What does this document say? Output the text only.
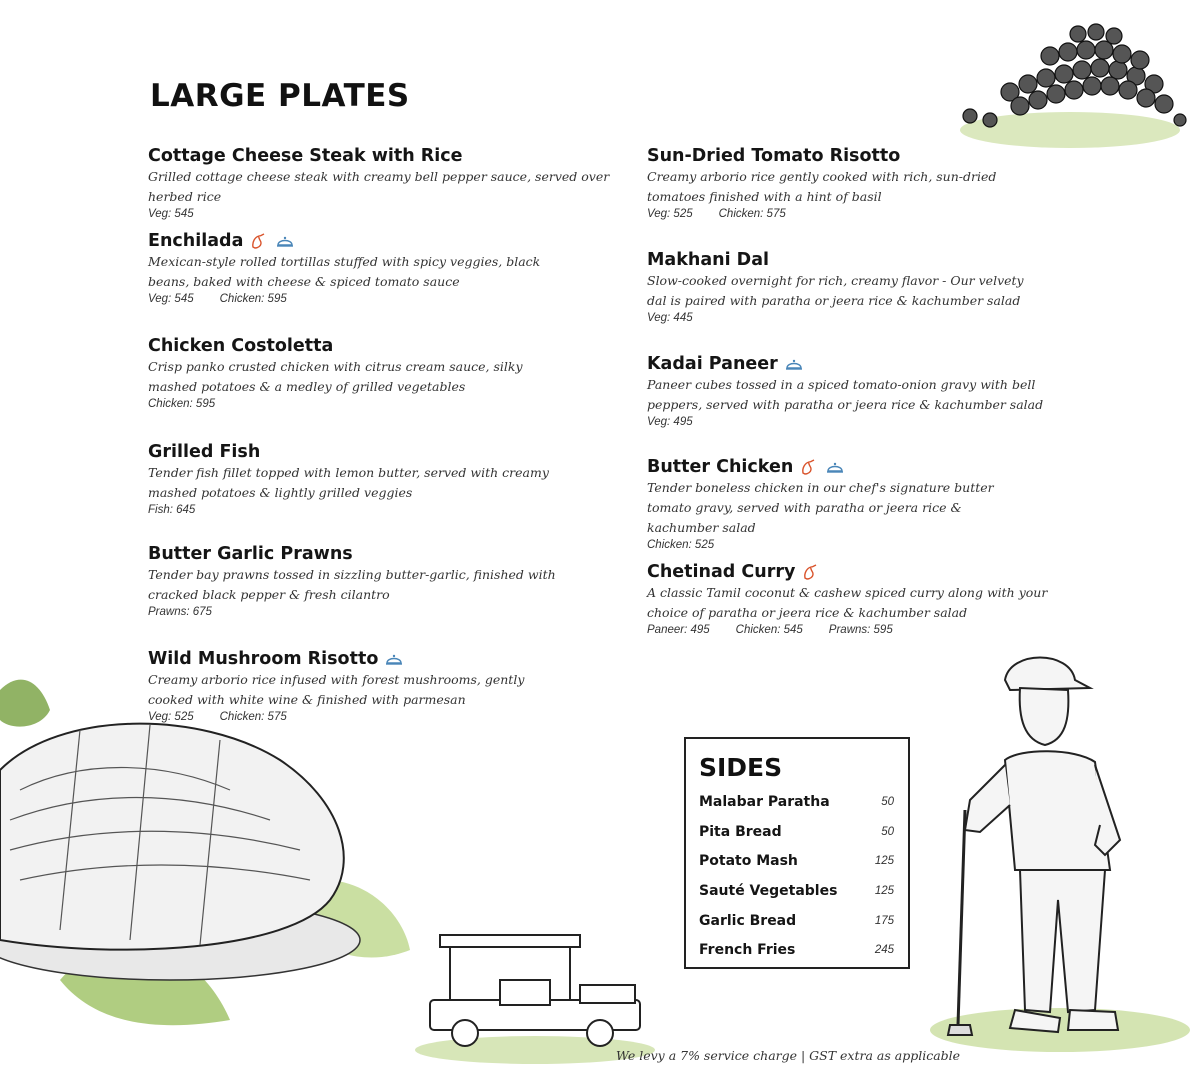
LARGE PLATES
Cottage Cheese Steak with Rice
Grilled cottage cheese steak with creamy bell pepper sauce, served over herbed rice
Veg: 545
Enchilada
Mexican-style rolled tortillas stuffed with spicy veggies, black beans, baked with cheese & spiced tomato sauce
Veg: 545 Chicken: 595
Chicken Costoletta
Crisp panko crusted chicken with citrus cream sauce, silky mashed potatoes & a medley of grilled vegetables
Chicken: 595
Grilled Fish
Tender fish fillet topped with lemon butter, served with creamy mashed potatoes & lightly grilled veggies
Fish: 645
Butter Garlic Prawns
Tender bay prawns tossed in sizzling butter-garlic, finished with cracked black pepper & fresh cilantro
Prawns: 675
Wild Mushroom Risotto
Creamy arborio rice infused with forest mushrooms, gently cooked with white wine & finished with parmesan
Veg: 525 Chicken: 575
Sun-Dried Tomato Risotto
Creamy arborio rice gently cooked with rich, sun-dried tomatoes finished with a hint of basil
Veg: 525 Chicken: 575
Makhani Dal
Slow-cooked overnight for rich, creamy flavor - Our velvety dal is paired with paratha or jeera rice & kachumber salad
Veg: 445
Kadai Paneer
Paneer cubes tossed in a spiced tomato-onion gravy with bell peppers, served with paratha or jeera rice & kachumber salad
Veg: 495
Butter Chicken
Tender boneless chicken in our chef's signature butter tomato gravy, served with paratha or jeera rice & kachumber salad
Chicken: 525
Chetinad Curry
A classic Tamil coconut & cashew spiced curry along with your choice of paratha or jeera rice & kachumber salad
Paneer: 495 Chicken: 545 Prawns: 595
SIDES
Malabar Paratha	50
Pita Bread	50
Potato Mash	125
Sauté Vegetables	125
Garlic Bread	175
French Fries	245
We levy a 7% service charge | GST extra as applicable
